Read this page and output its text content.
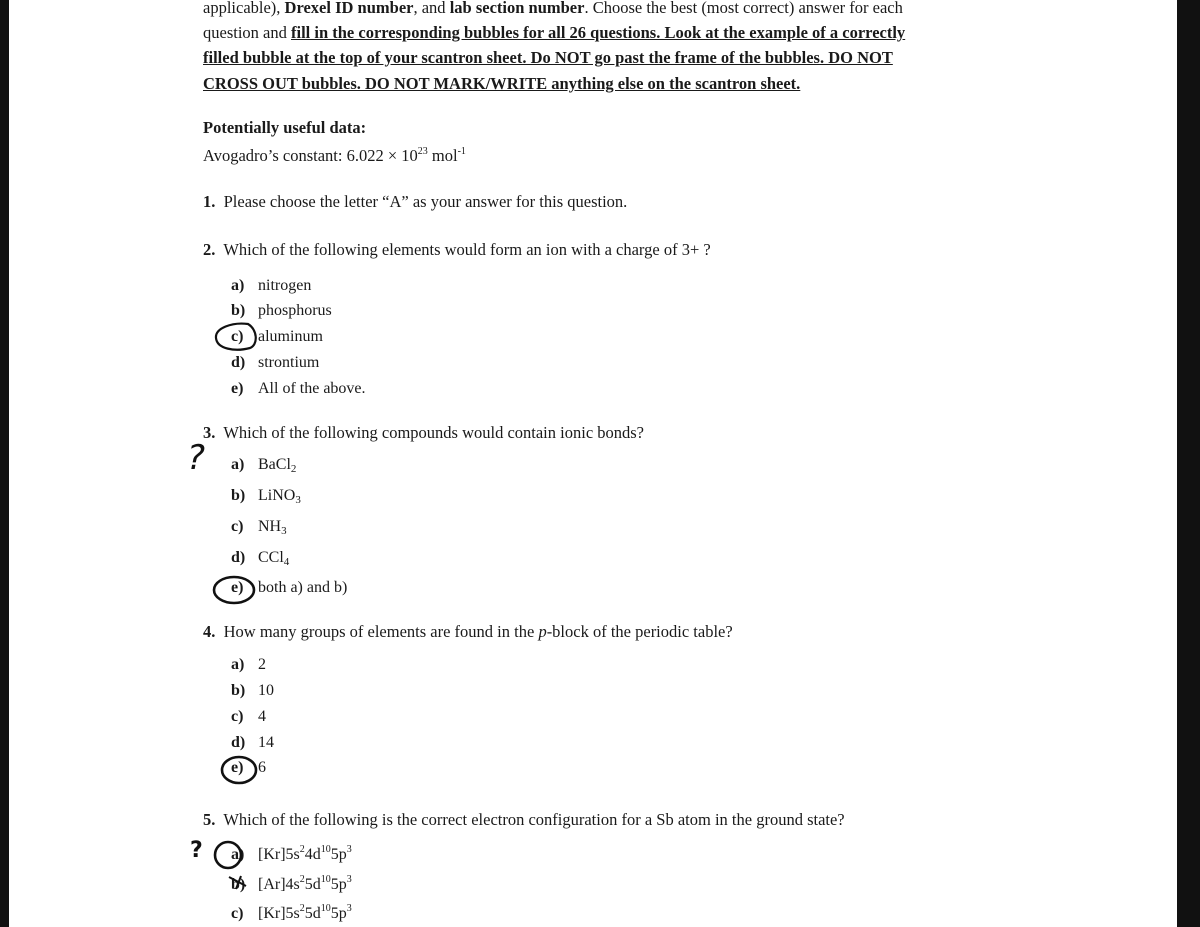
applicable), Drexel ID number, and lab section number. Choose the best (most correct) answer for each
question and fill in the corresponding bubbles for all 26 questions. Look at the example of a correctly
filled bubble at the top of your scantron sheet. Do NOT go past the frame of the bubbles. DO NOT
CROSS OUT bubbles. DO NOT MARK/WRITE anything else on the scantron sheet.
Potentially useful data:
Avogadro’s constant: $6.022 \times 10^{23}$ mol$^{-1}$
1. Please choose the letter “A” as your answer for this question.
2. Which of the following elements would form an ion with a charge of 3+ ?
a) nitrogen
b) phosphorus
c) aluminum
d) strontium
e) All of the above.
3. Which of the following compounds would contain ionic bonds?
a) BaCl$_2$
b) LiNO$_3$
c) $NH_3$
d) CCl$_4$
e) both a) and b)
4. How many groups of elements are found in the p-block of the periodic table?
a) 2
b) 10
c) 4
d) 14
e) 6
5. Which of the following is the correct electron configuration for a Sb atom in the ground state?
a) $[Kr]5s^24d^{10}5p^3$
b) $[Ar]4s^25d^{10}5p^3$
c) $[Kr]5s^25d^{10}5p^3$
?
?
